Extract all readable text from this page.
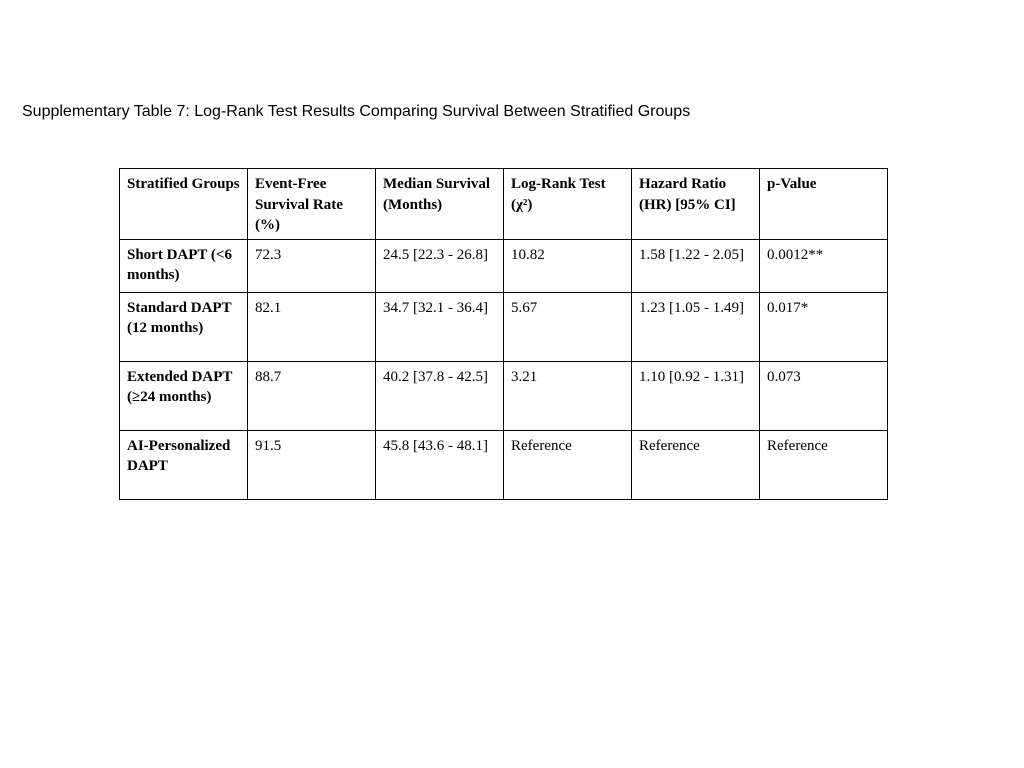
Supplementary Table 7: Log-Rank Test Results Comparing Survival Between Stratified Groups
Stratified Groups	Event-Free Survival Rate (%)	Median Survival (Months)	Log-Rank Test (χ²)	Hazard Ratio (HR) [95% CI]	p-Value
Short DAPT (<6 months)	72.3	24.5 [22.3 - 26.8]	10.82	1.58 [1.22 - 2.05]	0.0012**
Standard DAPT (12 months)	82.1	34.7 [32.1 - 36.4]	5.67	1.23 [1.05 - 1.49]	0.017*
Extended DAPT (≥24 months)	88.7	40.2 [37.8 - 42.5]	3.21	1.10 [0.92 - 1.31]	0.073
AI-Personalized DAPT	91.5	45.8 [43.6 - 48.1]	Reference	Reference	Reference
